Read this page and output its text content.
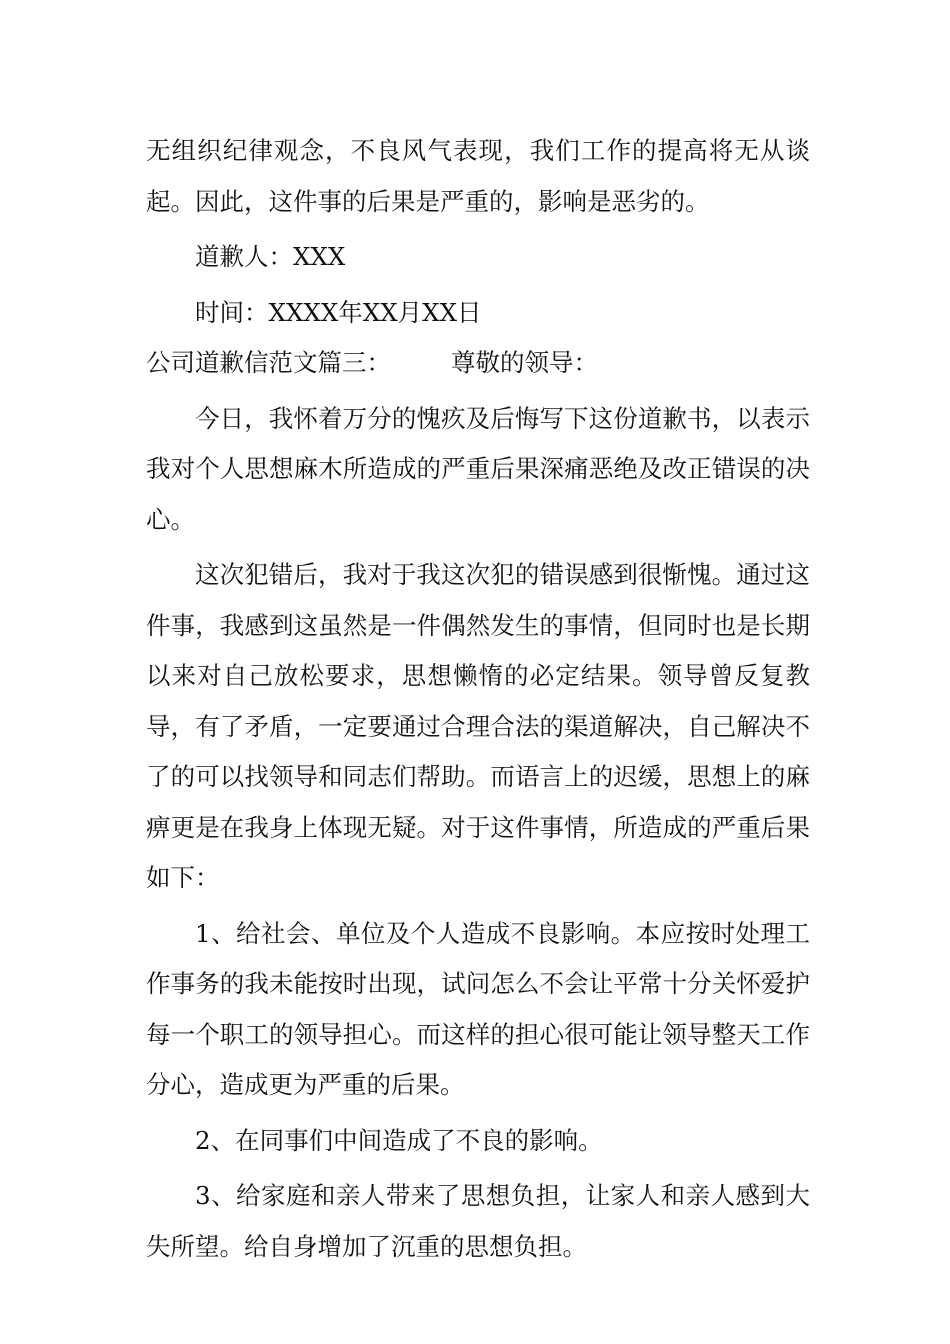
无组织纪律观念，不良风气表现，我们工作的提高将无从谈起。因此，这件事的后果是严重的，影响是恶劣的。

道歉人：XXX

时间：XXXX年XX月XX日

公司道歉信范文篇三： 尊敬的领导：

今日，我怀着万分的愧疚及后悔写下这份道歉书，以表示我对个人思想麻木所造成的严重后果深痛恶绝及改正错误的决心。

这次犯错后，我对于我这次犯的错误感到很惭愧。通过这件事，我感到这虽然是一件偶然发生的事情，但同时也是长期以来对自己放松要求，思想懒惰的必定结果。领导曾反复教导，有了矛盾，一定要通过合理合法的渠道解决，自己解决不了的可以找领导和同志们帮助。而语言上的迟缓，思想上的麻痹更是在我身上体现无疑。对于这件事情，所造成的严重后果如下：

1、给社会、单位及个人造成不良影响。本应按时处理工作事务的我未能按时出现，试问怎么不会让平常十分关怀爱护每一个职工的领导担心。而这样的担心很可能让领导整天工作分心，造成更为严重的后果。

2、在同事们中间造成了不良的影响。

3、给家庭和亲人带来了思想负担，让家人和亲人感到大失所望。给自身增加了沉重的思想负担。
